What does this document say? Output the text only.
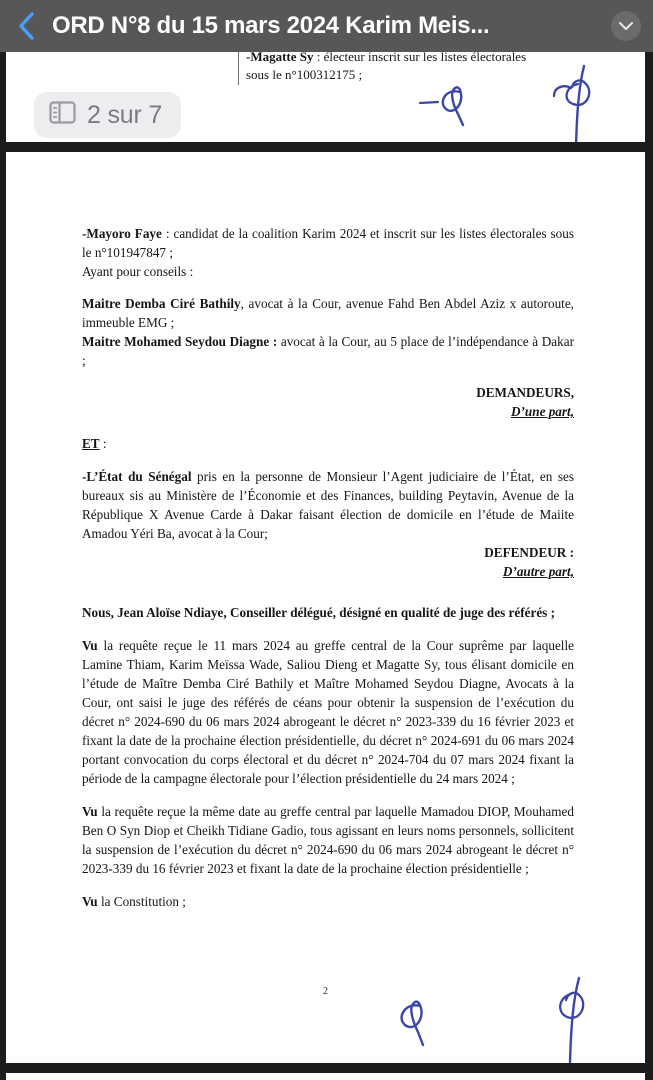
ORD N°8 du 15 mars 2024 Karim Meis...
-Magatte Sy : électeur inscrit sur les listes électorales
sous le n°100312175 ;
2 sur 7
-Mayoro Faye : candidat de la coalition Karim 2024 et inscrit sur les listes électorales sous le n°101947847 ;
Ayant pour conseils :
Maitre Demba Ciré Bathily, avocat à la Cour, avenue Fahd Ben Abdel Aziz x autoroute, immeuble EMG ;
Maitre Mohamed Seydou Diagne : avocat à la Cour, au 5 place de l’indépendance à Dakar ;
DEMANDEURS,
D’une part,
ET :
-L’État du Sénégal pris en la personne de Monsieur l’Agent judiciaire de l’État, en ses bureaux sis au Ministère de l’Économie et des Finances, building Peytavin, Avenue de la République X Avenue Carde à Dakar faisant élection de domicile en l’étude de Maiite Amadou Yéri Ba, avocat à la Cour;
DEFENDEUR :
D’autre part,
Nous, Jean Aloïse Ndiaye, Conseiller délégué, désigné en qualité de juge des référés ;
Vu la requête reçue le 11 mars 2024 au greffe central de la Cour suprême par laquelle Lamine Thiam, Karim Meïssa Wade, Saliou Dieng et Magatte Sy, tous élisant domicile en l’étude de Maître Demba Ciré Bathily et Maître Mohamed Seydou Diagne, Avocats à la Cour, ont saisi le juge des référés de céans pour obtenir la suspension de l’exécution du décret n° 2024-690 du 06 mars 2024 abrogeant le décret n° 2023-339 du 16 février 2023 et fixant la date de la prochaine élection présidentielle, du décret n° 2024-691 du 06 mars 2024 portant convocation du corps électoral et du décret n° 2024-704 du 07 mars 2024 fixant la période de la campagne électorale pour l’élection présidentielle du 24 mars 2024 ;
Vu la requête reçue la même date au greffe central par laquelle Mamadou DIOP, Mouhamed Ben O Syn Diop et Cheikh Tidiane Gadio, tous agissant en leurs noms personnels, sollicitent la suspension de l’exécution du décret n° 2024-690 du 06 mars 2024 abrogeant le décret n° 2023-339 du 16 février 2023 et fixant la date de la prochaine élection présidentielle ;
Vu la Constitution ;
2
